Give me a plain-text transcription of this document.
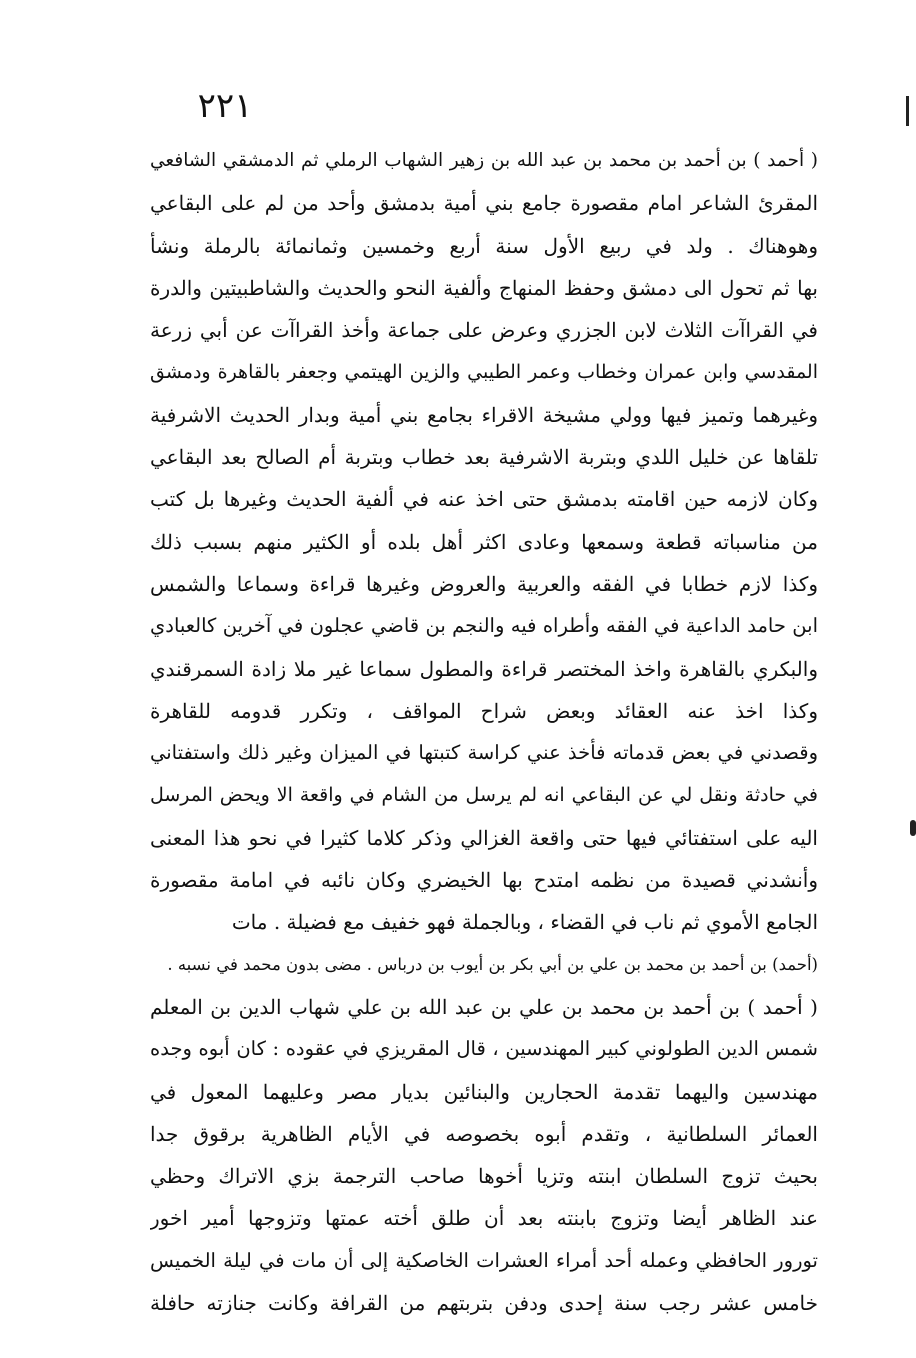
٢٢١
( أحمد ) بن أحمد بن محمد بن عبد الله بن زهير الشهاب الرملي ثم الدمشقي الشافعي
المقرئ الشاعر امام مقصورة جامع بني أمية بدمشق وأحد من لم على البقاعي
وهوهناك . ولد في ربيع الأول سنة أربع وخمسين وثمانمائة بالرملة ونشأ
بها ثم تحول الى دمشق وحفظ المنهاج وألفية النحو والحديث والشاطبيتين والدرة
في القراآت الثلاث لابن الجزري وعرض على جماعة وأخذ القراآت عن أبي زرعة
المقدسي وابن عمران وخطاب وعمر الطيبي والزين الهيتمي وجعفر بالقاهرة ودمشق
وغيرهما وتميز فيها وولي مشيخة الاقراء بجامع بني أمية وبدار الحديث الاشرفية
تلقاها عن خليل اللدي وبتربة الاشرفية بعد خطاب وبتربة أم الصالح بعد البقاعي
وكان لازمه حين اقامته بدمشق حتى اخذ عنه في ألفية الحديث وغيرها بل كتب
من مناسباته قطعة وسمعها وعادى اكثر أهل بلده أو الكثير منهم بسبب ذلك
وكذا لازم خطابا في الفقه والعربية والعروض وغيرها قراءة وسماعا والشمس
ابن حامد الداعية في الفقه وأطراه فيه والنجم بن قاضي عجلون في آخرين كالعبادي
والبكري بالقاهرة واخذ المختصر قراءة والمطول سماعا غير ملا زادة السمرقندي
وكذا اخذ عنه العقائد وبعض شراح المواقف ، وتكرر قدومه للقاهرة
وقصدني في بعض قدماته فأخذ عني كراسة كتبتها في الميزان وغير ذلك واستفتاني
في حادثة ونقل لي عن البقاعي انه لم يرسل من الشام في واقعة الا ويحض المرسل
اليه على استفتائي فيها حتى واقعة الغزالي وذكر كلاما كثيرا في نحو هذا المعنى
وأنشدني قصيدة من نظمه امتدح بها الخيضري وكان نائبه في امامة مقصورة
الجامع الأموي ثم ناب في القضاء ، وبالجملة فهو خفيف مع فضيلة . مات
(أحمد) بن أحمد بن محمد بن علي بن أبي بكر بن أيوب بن درباس . مضى بدون محمد في نسبه .
( أحمد ) بن أحمد بن محمد بن علي بن عبد الله بن علي شهاب الدين بن المعلم
شمس الدين الطولوني كبير المهندسين ، قال المقريزي في عقوده : كان أبوه وجده
مهندسين واليهما تقدمة الحجارين والبنائين بديار مصر وعليهما المعول في
العمائر السلطانية ، وتقدم أبوه بخصوصه في الأيام الظاهرية برقوق جدا
بحيث تزوج السلطان ابنته وتزيا أخوها صاحب الترجمة بزي الاتراك وحظي
عند الظاهر أيضا وتزوج بابنته بعد أن طلق أخته عمتها وتزوجها أمير اخور
تورور الحافظي وعمله أحد أمراء العشرات الخاصكية إلى أن مات في ليلة الخميس
خامس عشر رجب سنة إحدى ودفن بتربتهم من القرافة وكانت جنازته حافلة
